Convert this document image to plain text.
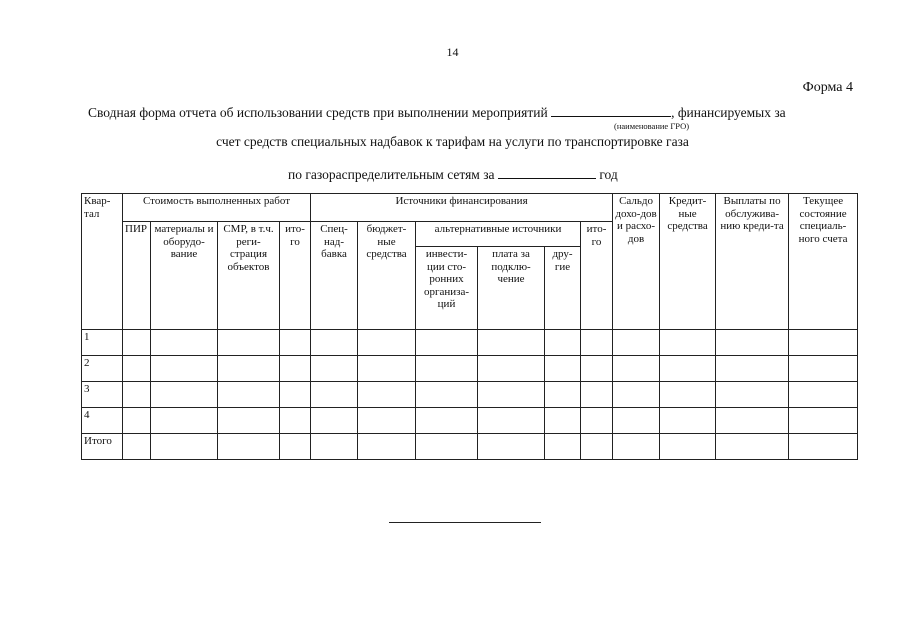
14
Форма 4
Сводная форма отчета об использовании средств при выполнении мероприятий	, финансируемых за
(наименование ГРО)
счет средств специальных надбавок к тарифам на услуги по транспортировке газа
по газораспределительным сетям за	год
Квар-тал	Стоимость выполненных работ				Источники финансирования						Сальдо дохо-дов и расхо-дов	Кредит-ные средства	Выплаты по обслужива-нию креди-та	Текущее состояние специаль-ного счета
	ПИР	материалы и оборудо-вание	СМР, в т.ч. реги-страция объектов	ито-го	Спец-над-бавка	бюджет-ные средства	альтернативные источники			ито-го				
							инвести-ции сто-ронних организа-ций	плата за подклю-чение	дру-гие					
1														
2														
3														
4														
Итого														
